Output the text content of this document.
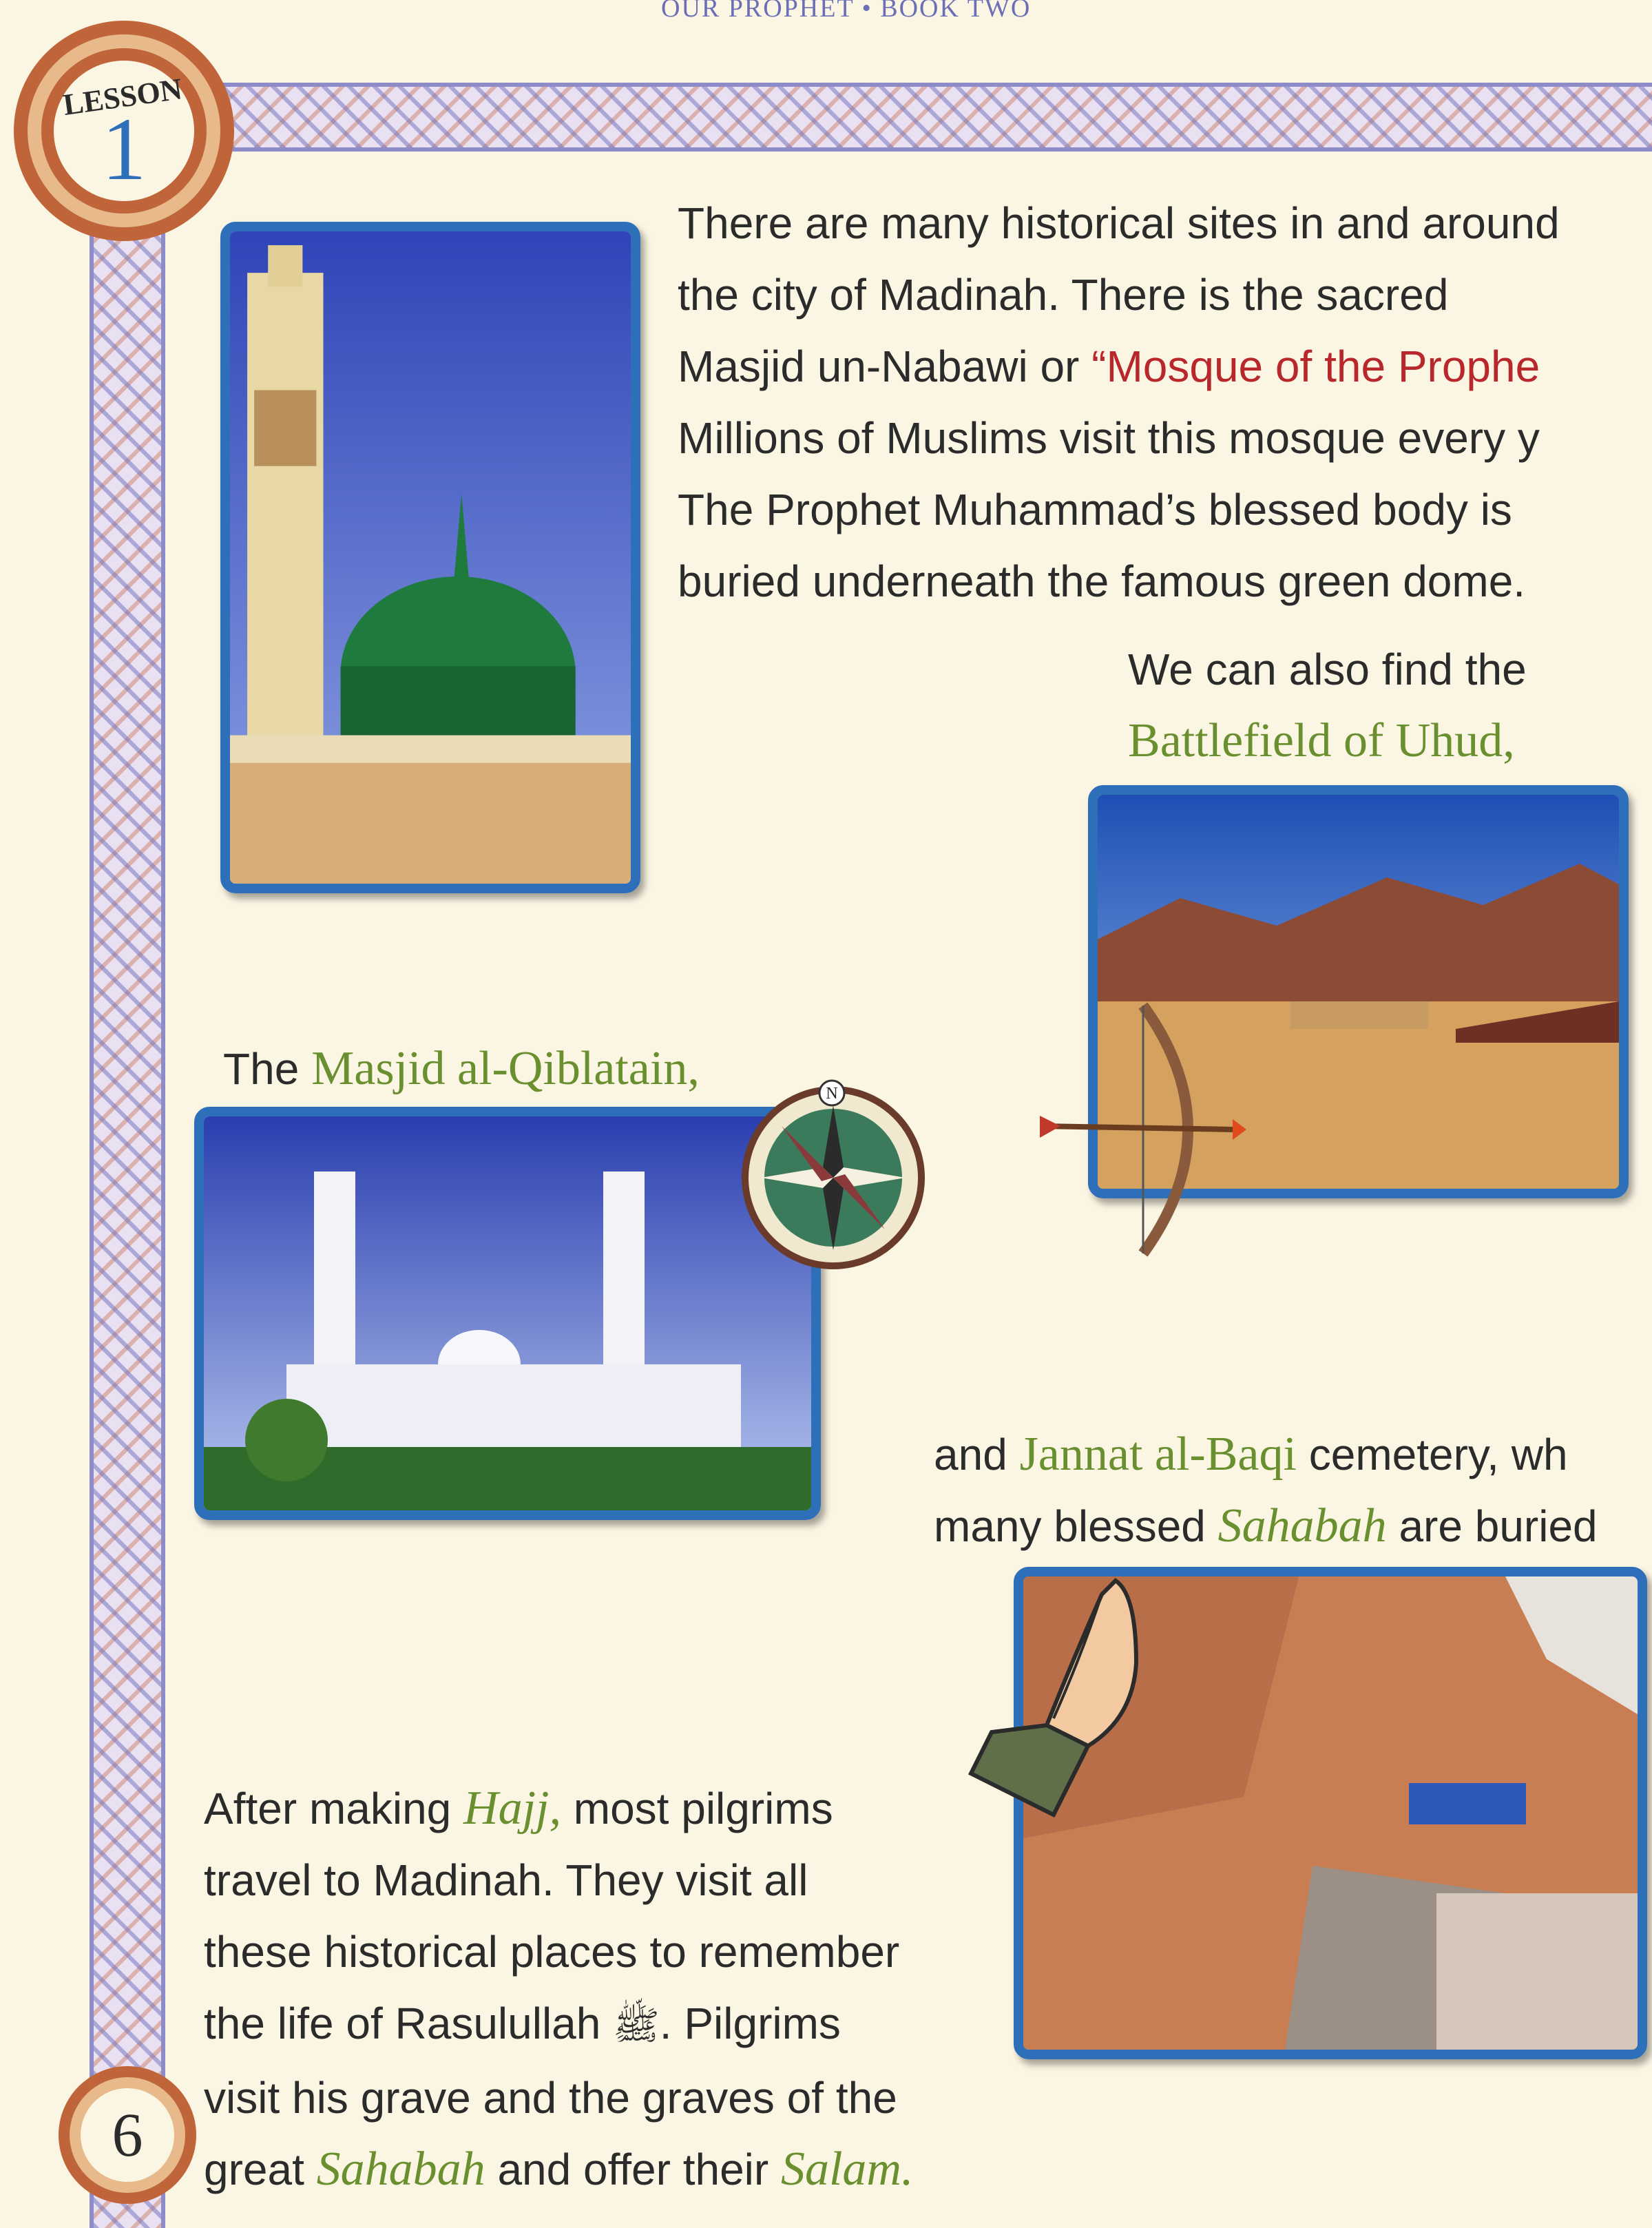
OUR PROPHET • BOOK TWO
LESSON
1

There are many historical sites in and around

the city of Madinah. There is the sacred

Masjid un-Nabawi or “Mosque of the Prophe

Millions of Muslims visit this mosque every y

The Prophet Muhammad’s blessed body is

buried underneath the famous green dome.

We can also find the

Battlefield of Uhud,

The Masjid al-Qiblatain,	N

and Jannat al-Baqi cemetery, wh

many blessed Sahabah are buried

After making Hajj, most pilgrims

travel to Madinah. They visit all

these historical places to remember

the life of Rasulullah ﷺ. Pilgrims

visit his grave and the graves of the

great Sahabah and offer their Salam.

6
